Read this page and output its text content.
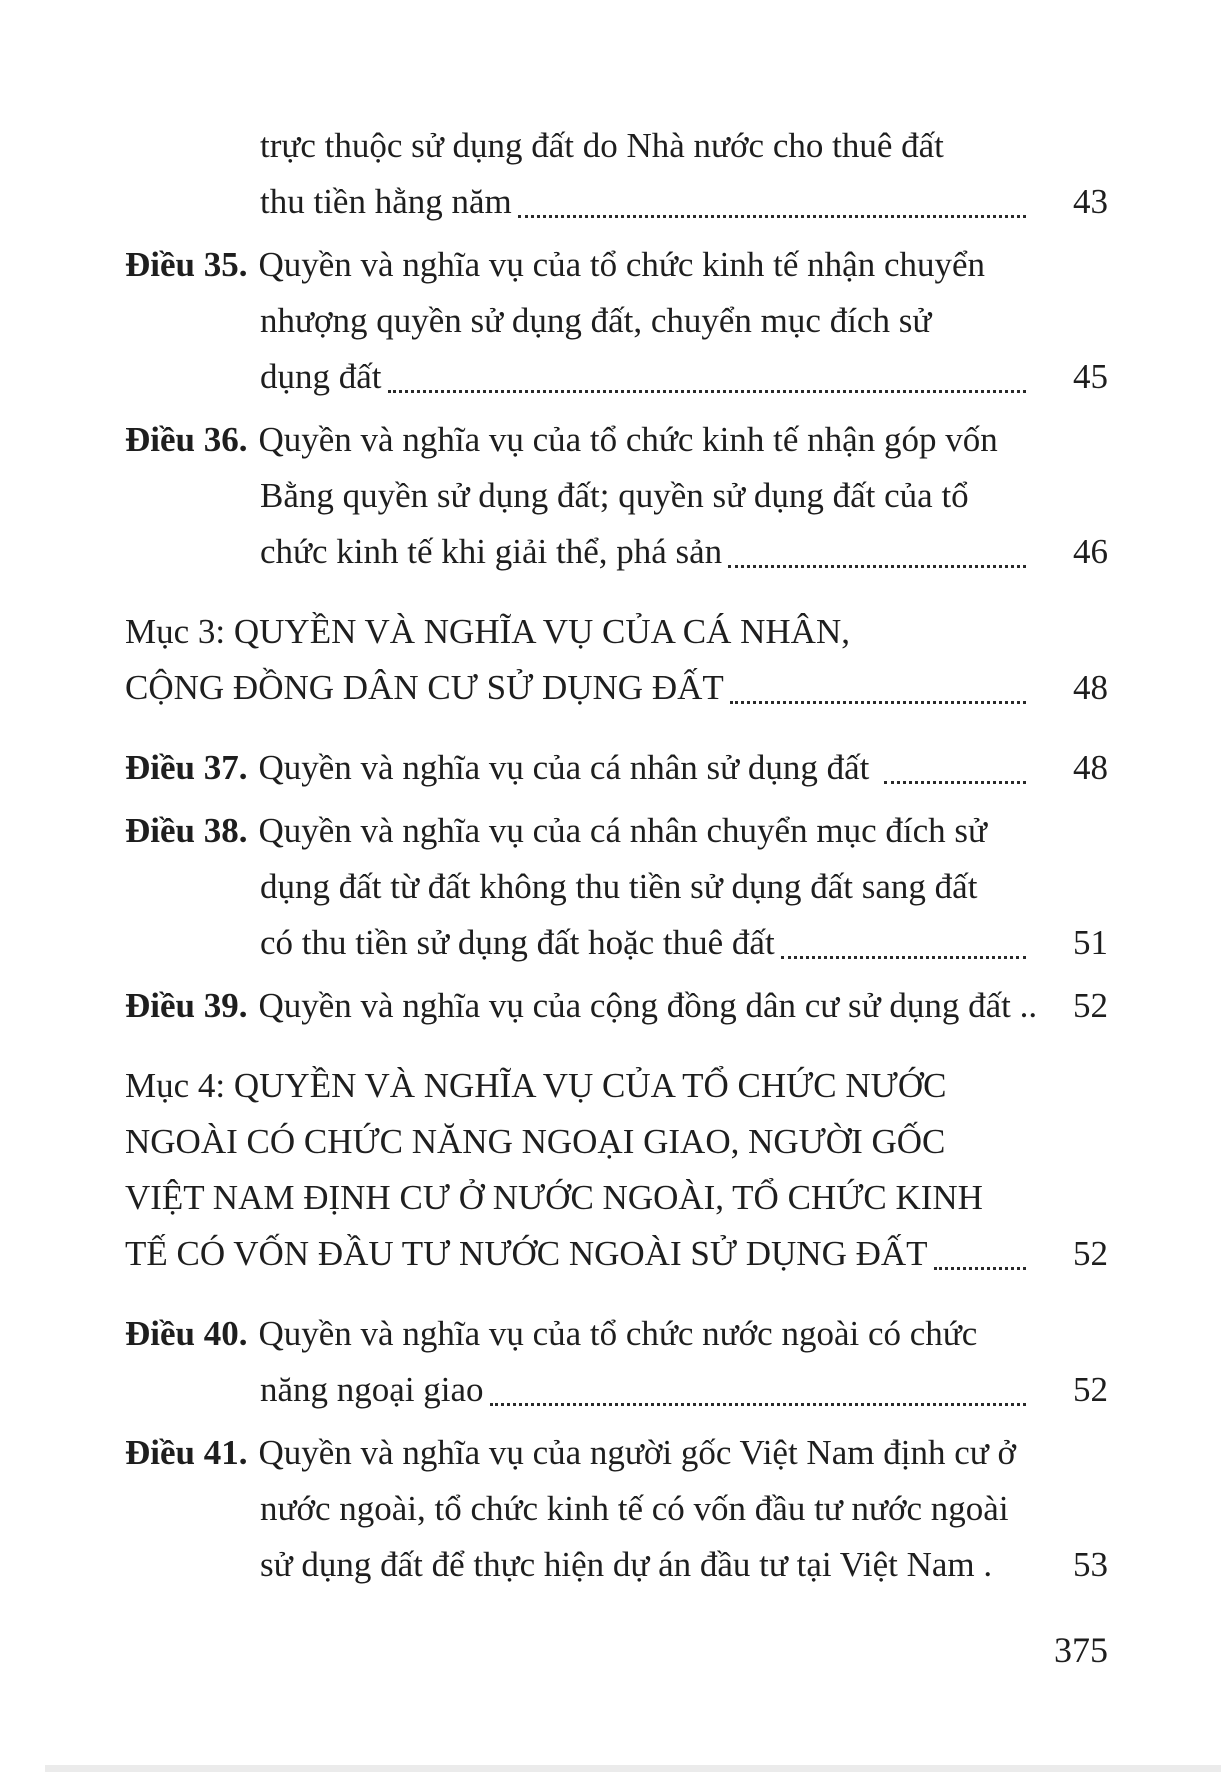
trực thuộc sử dụng đất do Nhà nước cho thuê đất
thu tiền hằng năm	43
Điều 35. Quyền và nghĩa vụ của tổ chức kinh tế nhận chuyển
nhượng quyền sử dụng đất, chuyển mục đích sử
dụng đất	45
Điều 36. Quyền và nghĩa vụ của tổ chức kinh tế nhận góp vốn
Bằng quyền sử dụng đất; quyền sử dụng đất của tổ
chức kinh tế khi giải thể, phá sản	46
Mục 3: QUYỀN VÀ NGHĨA VỤ CỦA CÁ NHÂN,
CỘNG ĐỒNG DÂN CƯ SỬ DỤNG ĐẤT	48
Điều 37. Quyền và nghĩa vụ của cá nhân sử dụng đất	48
Điều 38. Quyền và nghĩa vụ của cá nhân chuyển mục đích sử
dụng đất từ đất không thu tiền sử dụng đất sang đất
có thu tiền sử dụng đất hoặc thuê đất	51
Điều 39. Quyền và nghĩa vụ của cộng đồng dân cư sử dụng đất ..	52
Mục 4: QUYỀN VÀ NGHĨA VỤ CỦA TỔ CHỨC NƯỚC
NGOÀI CÓ CHỨC NĂNG NGOẠI GIAO, NGƯỜI GỐC
VIỆT NAM ĐỊNH CƯ Ở NƯỚC NGOÀI, TỔ CHỨC KINH
TẾ CÓ VỐN ĐẦU TƯ NƯỚC NGOÀI SỬ DỤNG ĐẤT	52
Điều 40. Quyền và nghĩa vụ của tổ chức nước ngoài có chức
năng ngoại giao	52
Điều 41. Quyền và nghĩa vụ của người gốc Việt Nam định cư ở
nước ngoài, tổ chức kinh tế có vốn đầu tư nước ngoài
sử dụng đất để thực hiện dự án đầu tư tại Việt Nam .	53
375
